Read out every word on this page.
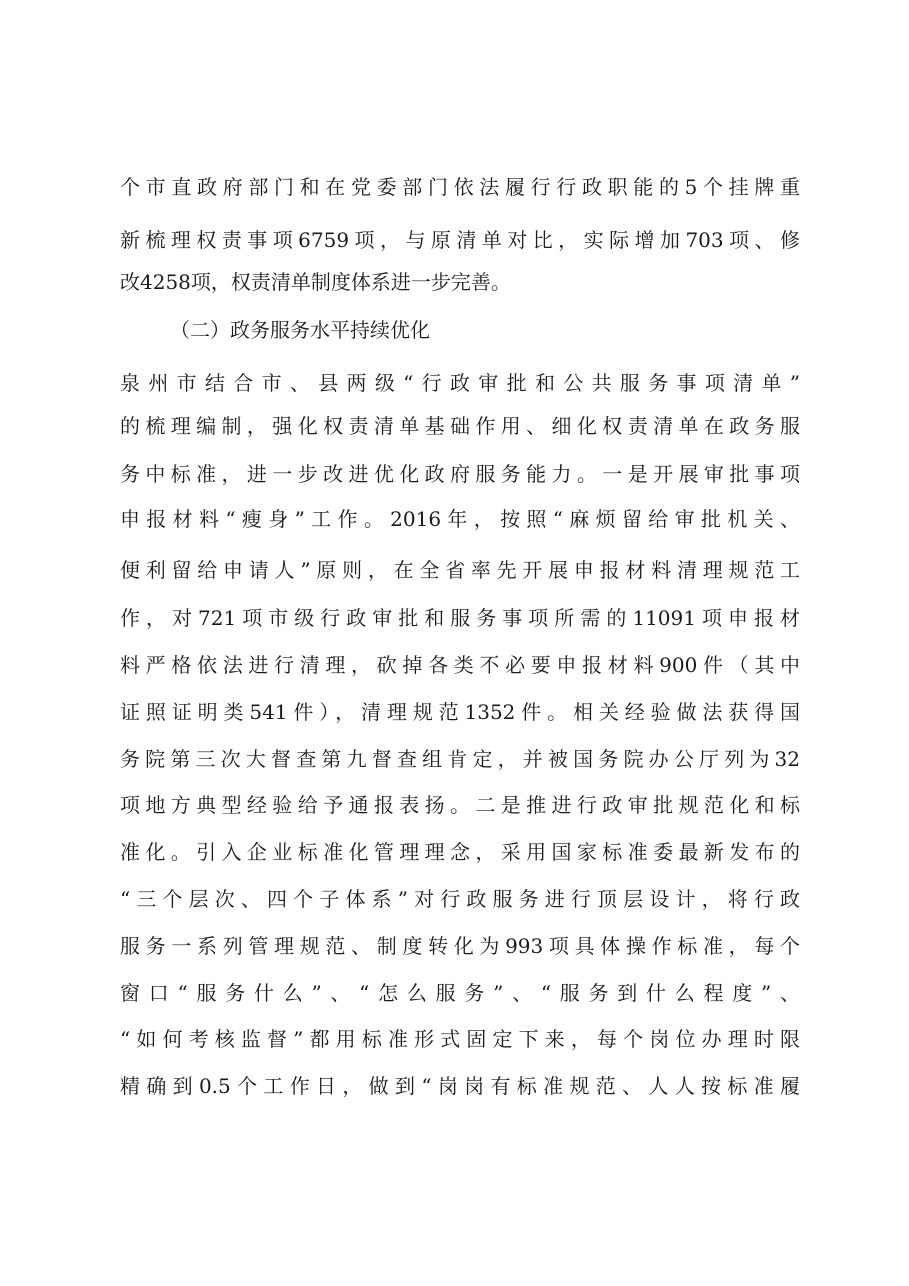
个市直政府部门和在党委部门依法履行行政职能的5个挂牌重
新梳理权责事项6759项，与原清单对比，实际增加703项、修
改4258项，权责清单制度体系进一步完善。
（二）政务服务水平持续优化
泉州市结合市、县两级“行政审批和公共服务事项清单”
的梳理编制，强化权责清单基础作用、细化权责清单在政务服
务中标准，进一步改进优化政府服务能力。一是开展审批事项
申报材料“瘦身”工作。2016年，按照“麻烦留给审批机关、
便利留给申请人”原则，在全省率先开展申报材料清理规范工
作，对721项市级行政审批和服务事项所需的11091项申报材
料严格依法进行清理，砍掉各类不必要申报材料900件（其中
证照证明类541件），清理规范1352件。相关经验做法获得国
务院第三次大督查第九督查组肯定，并被国务院办公厅列为32
项地方典型经验给予通报表扬。二是推进行政审批规范化和标
准化。引入企业标准化管理理念，采用国家标准委最新发布的
“三个层次、四个子体系”对行政服务进行顶层设计，将行政
服务一系列管理规范、制度转化为993项具体操作标准，每个
窗口“服务什么”、“怎么服务”、“服务到什么程度”、
“如何考核监督”都用标准形式固定下来，每个岗位办理时限
精确到0.5个工作日，做到“岗岗有标准规范、人人按标准履
